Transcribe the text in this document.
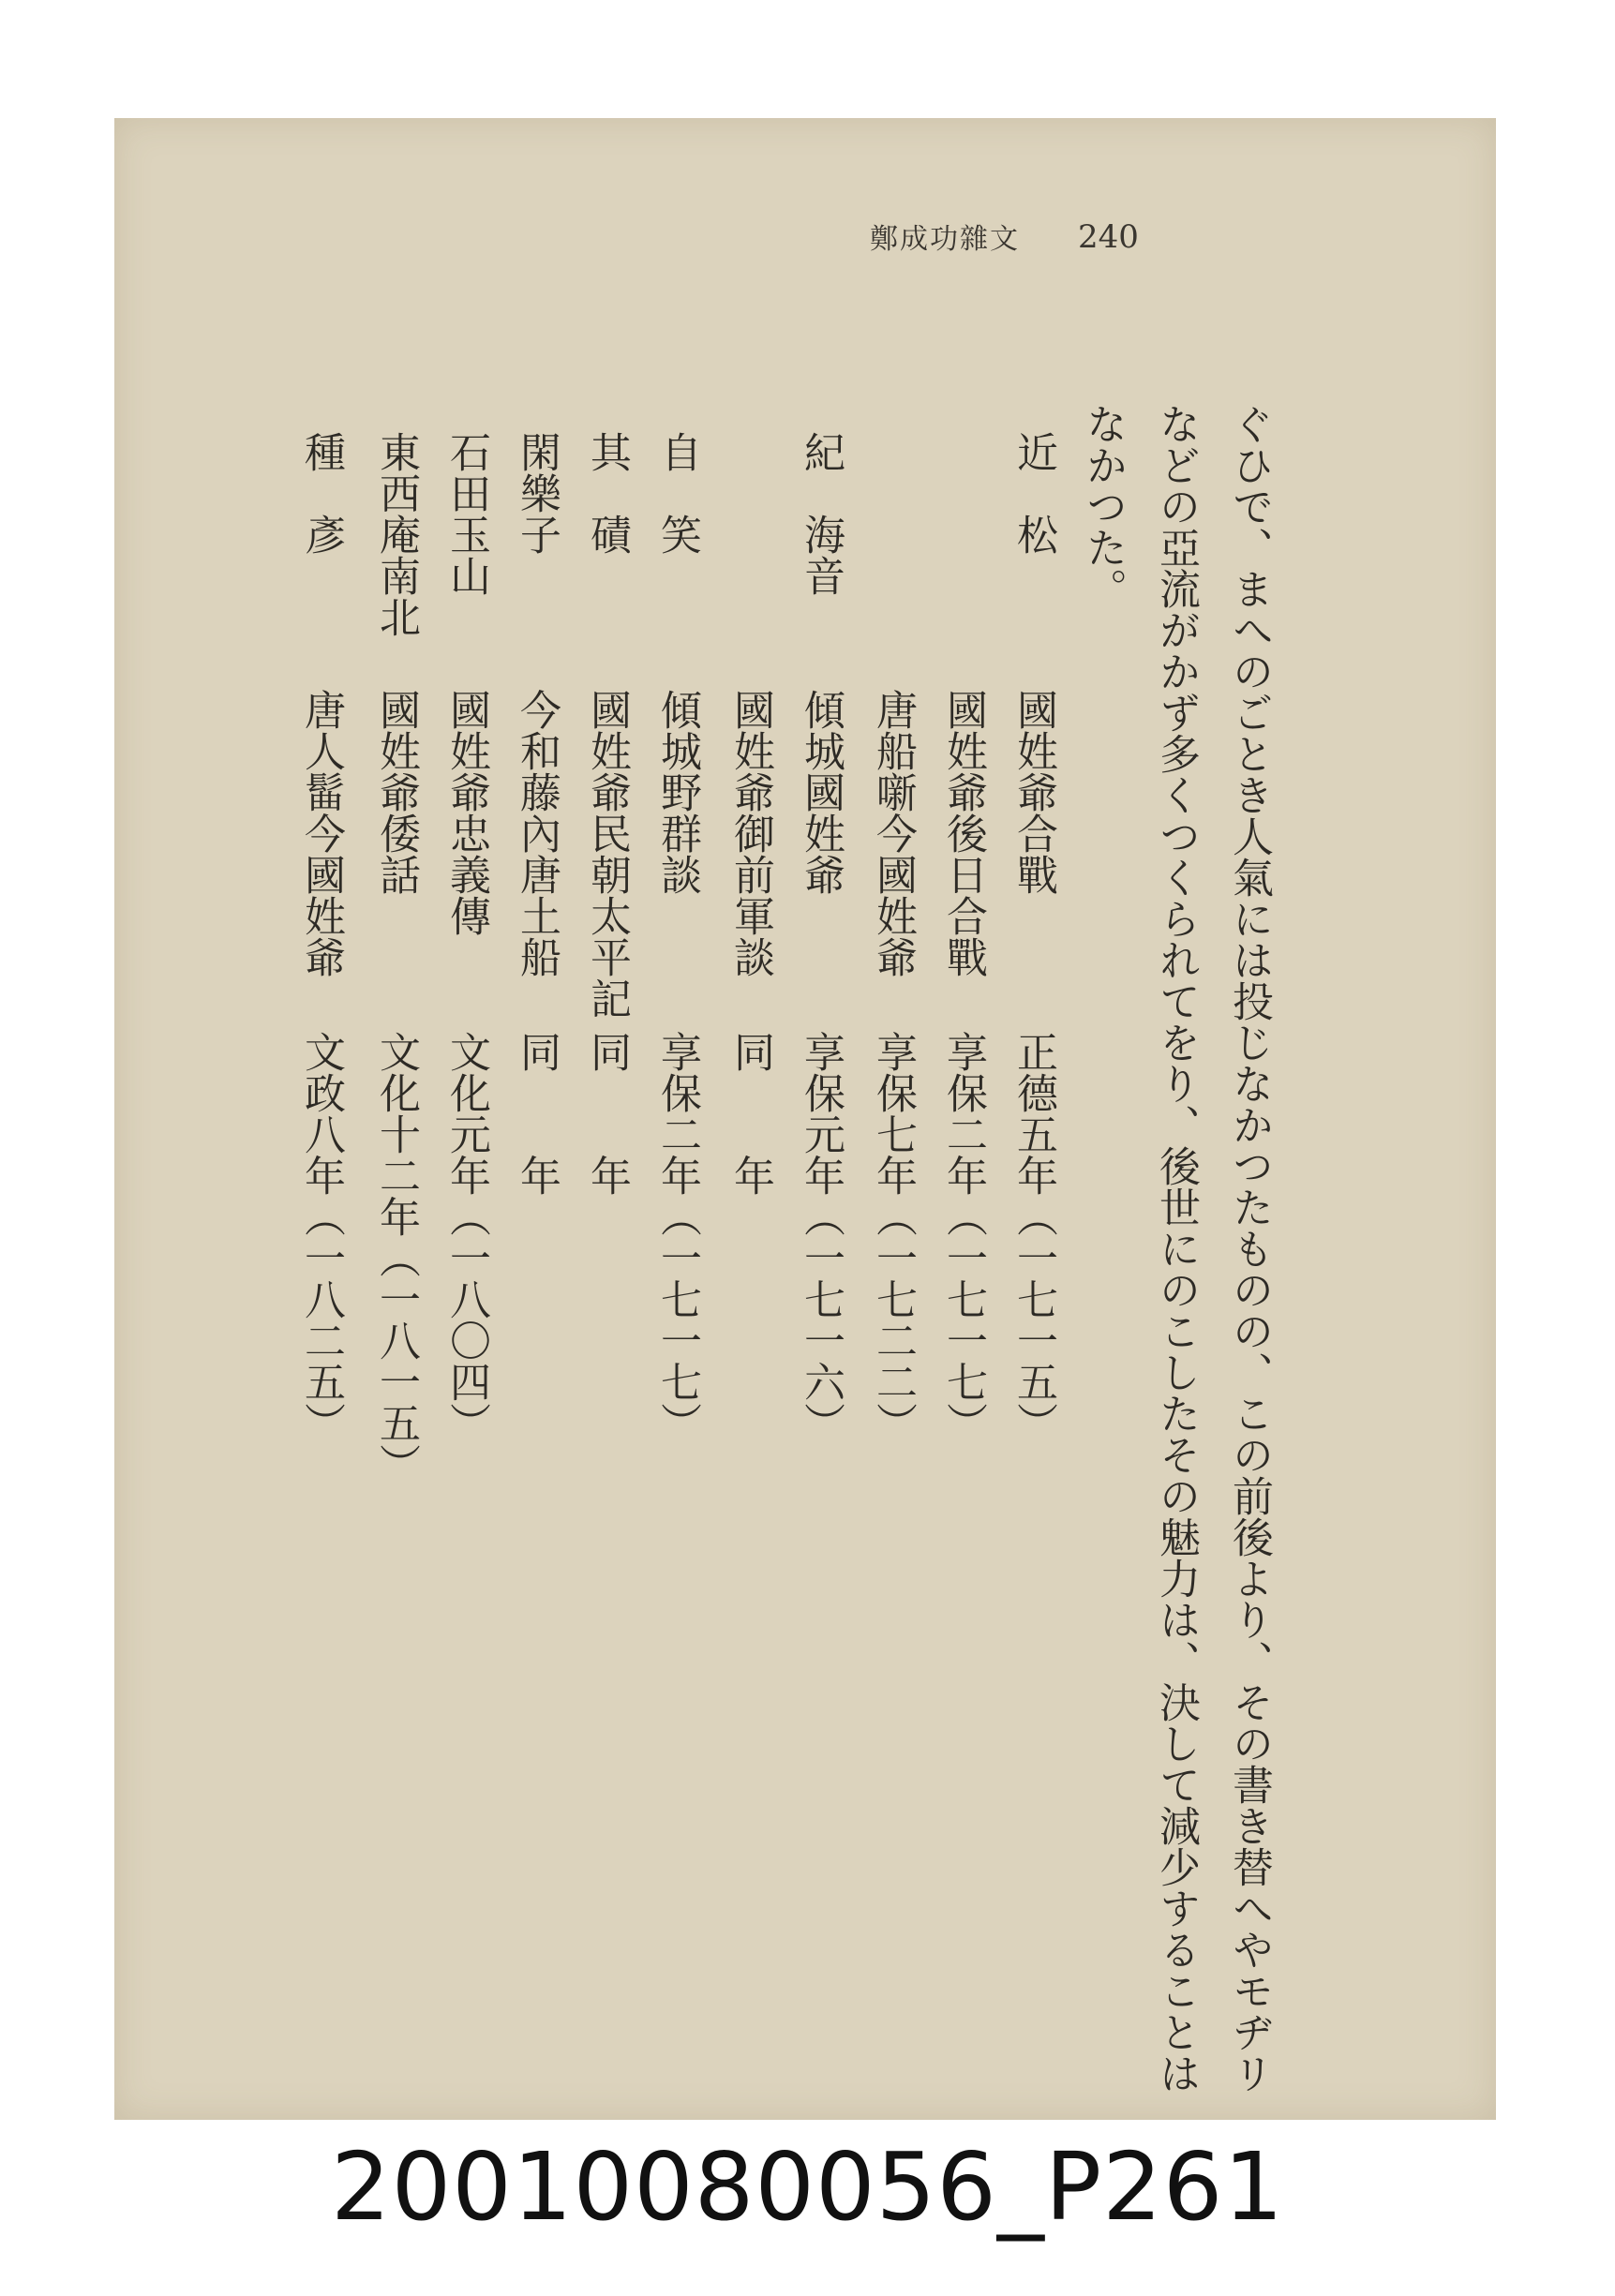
240
鄭成功雜文
ぐひで、まへのごとき人氣には投じなかつたものの、この前後より、その書き替へやモヂリ
などの亞流がかず多くつくられてをり、後世にのこしたその魅力は、決して減少することは
なかつた。
近　松
國姓爺合戰
正德五年（一七一五）
國姓爺後日合戰
享保二年（一七一七）
唐船噺今國姓爺
享保七年（一七二二）
紀　海音
傾城國姓爺
享保元年（一七一六）
國姓爺御前軍談
同　　年
自　笑
傾城野群談
享保二年（一七一七）
其　磧
國姓爺民朝太平記
同　　年
閑樂子
今和藤內唐土船
同　　年
石田玉山
國姓爺忠義傳
文化元年（一八〇四）
東西庵南北
國姓爺倭話
文化十二年（一八一五）
種　彥
唐人髷今國姓爺
文政八年（一八二五）
20010080056_P261
